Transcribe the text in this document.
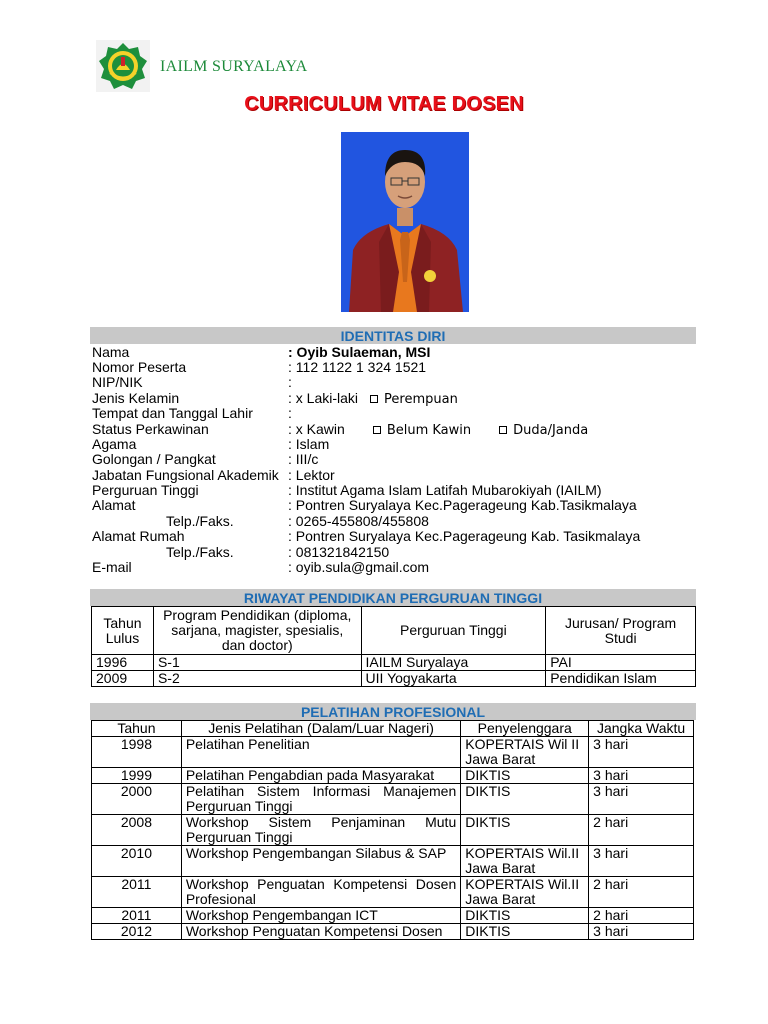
IAILM SURYALAYA
CURRICULUM VITAE DOSEN
IDENTITAS DIRI
Nama	: Oyib Sulaeman, MSI
Nomor Peserta	: 112 1122 1 324 1521
NIP/NIK	:
Jenis Kelamin	: x Laki-laki Perempuan
Tempat dan Tanggal Lahir	:
Status Perkawinan	: x Kawin	Belum Kawin	Duda/Janda
Agama	: Islam
Golongan / Pangkat	: III/c
Jabatan Fungsional Akademik : Lektor
Perguruan Tinggi	: Institut Agama Islam Latifah Mubarokiyah (IAILM)
Alamat	: Pontren Suryalaya Kec.Pagerageung Kab.Tasikmalaya
Telp./Faks.	: 0265-455808/455808
Alamat Rumah	: Pontren Suryalaya Kec.Pagerageung Kab. Tasikmalaya
Telp./Faks.	: 081321842150
E-mail	: oyib.sula@gmail.com
RIWAYAT PENDIDIKAN PERGURUAN TINGGI
Tahun Lulus	Program Pendidikan (diploma, sarjana, magister, spesialis, dan doctor)	Perguruan Tinggi	Jurusan/ Program Studi
1996	S-1	IAILM Suryalaya	PAI
2009	S-2	UII Yogyakarta	Pendidikan Islam
PELATIHAN PROFESIONAL
Tahun	Jenis Pelatihan (Dalam/Luar Nageri)	Penyelenggara	Jangka Waktu
1998	Pelatihan Penelitian	KOPERTAIS Wil II Jawa Barat	3 hari
1999	Pelatihan Pengabdian pada Masyarakat	DIKTIS	3 hari
2000	Pelatihan Sistem Informasi Manajemen Perguruan Tinggi	DIKTIS	3 hari
2008	Workshop Sistem Penjaminan Mutu Perguruan Tinggi	DIKTIS	2 hari
2010	Workshop Pengembangan Silabus & SAP	KOPERTAIS Wil.II Jawa Barat	3 hari
2011	Workshop Penguatan Kompetensi Dosen Profesional	KOPERTAIS Wil.II Jawa Barat	2 hari
2011	Workshop Pengembangan ICT	DIKTIS	2 hari
2012	Workshop Penguatan Kompetensi Dosen	DIKTIS	3 hari
